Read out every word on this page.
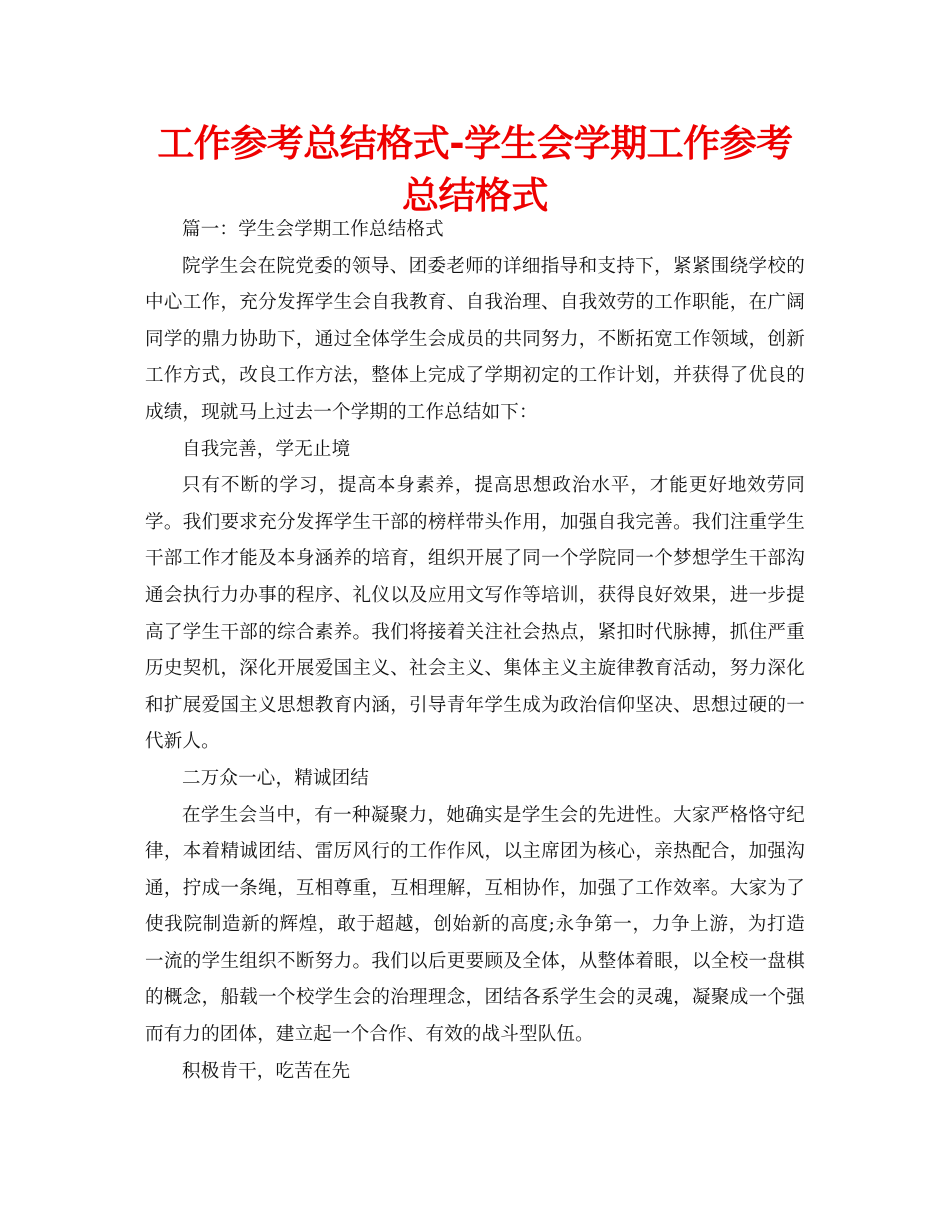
工作参考总结格式-学生会学期工作参考总结格式

篇一：学生会学期工作总结格式

院学生会在院党委的领导、团委老师的详细指导和支持下，紧紧围绕学校的中心工作，充分发挥学生会自我教育、自我治理、自我效劳的工作职能，在广阔同学的鼎力协助下，通过全体学生会成员的共同努力，不断拓宽工作领域，创新工作方式，改良工作方法，整体上完成了学期初定的工作计划，并获得了优良的成绩，现就马上过去一个学期的工作总结如下：

自我完善，学无止境

只有不断的学习，提高本身素养，提高思想政治水平，才能更好地效劳同学。我们要求充分发挥学生干部的榜样带头作用，加强自我完善。我们注重学生干部工作才能及本身涵养的培育，组织开展了同一个学院同一个梦想学生干部沟通会执行力办事的程序、礼仪以及应用文写作等培训，获得良好效果，进一步提高了学生干部的综合素养。我们将接着关注社会热点，紧扣时代脉搏，抓住严重历史契机，深化开展爱国主义、社会主义、集体主义主旋律教育活动，努力深化和扩展爱国主义思想教育内涵，引导青年学生成为政治信仰坚决、思想过硬的一代新人。

二万众一心，精诚团结

在学生会当中，有一种凝聚力，她确实是学生会的先进性。大家严格恪守纪律，本着精诚团结、雷厉风行的工作作风，以主席团为核心，亲热配合，加强沟通，拧成一条绳，互相尊重，互相理解，互相协作，加强了工作效率。大家为了使我院制造新的辉煌，敢于超越，创始新的高度;永争第一，力争上游，为打造一流的学生组织不断努力。我们以后更要顾及全体，从整体着眼，以全校一盘棋的概念，船载一个校学生会的治理理念，团结各系学生会的灵魂，凝聚成一个强而有力的团体，建立起一个合作、有效的战斗型队伍。

积极肯干，吃苦在先
